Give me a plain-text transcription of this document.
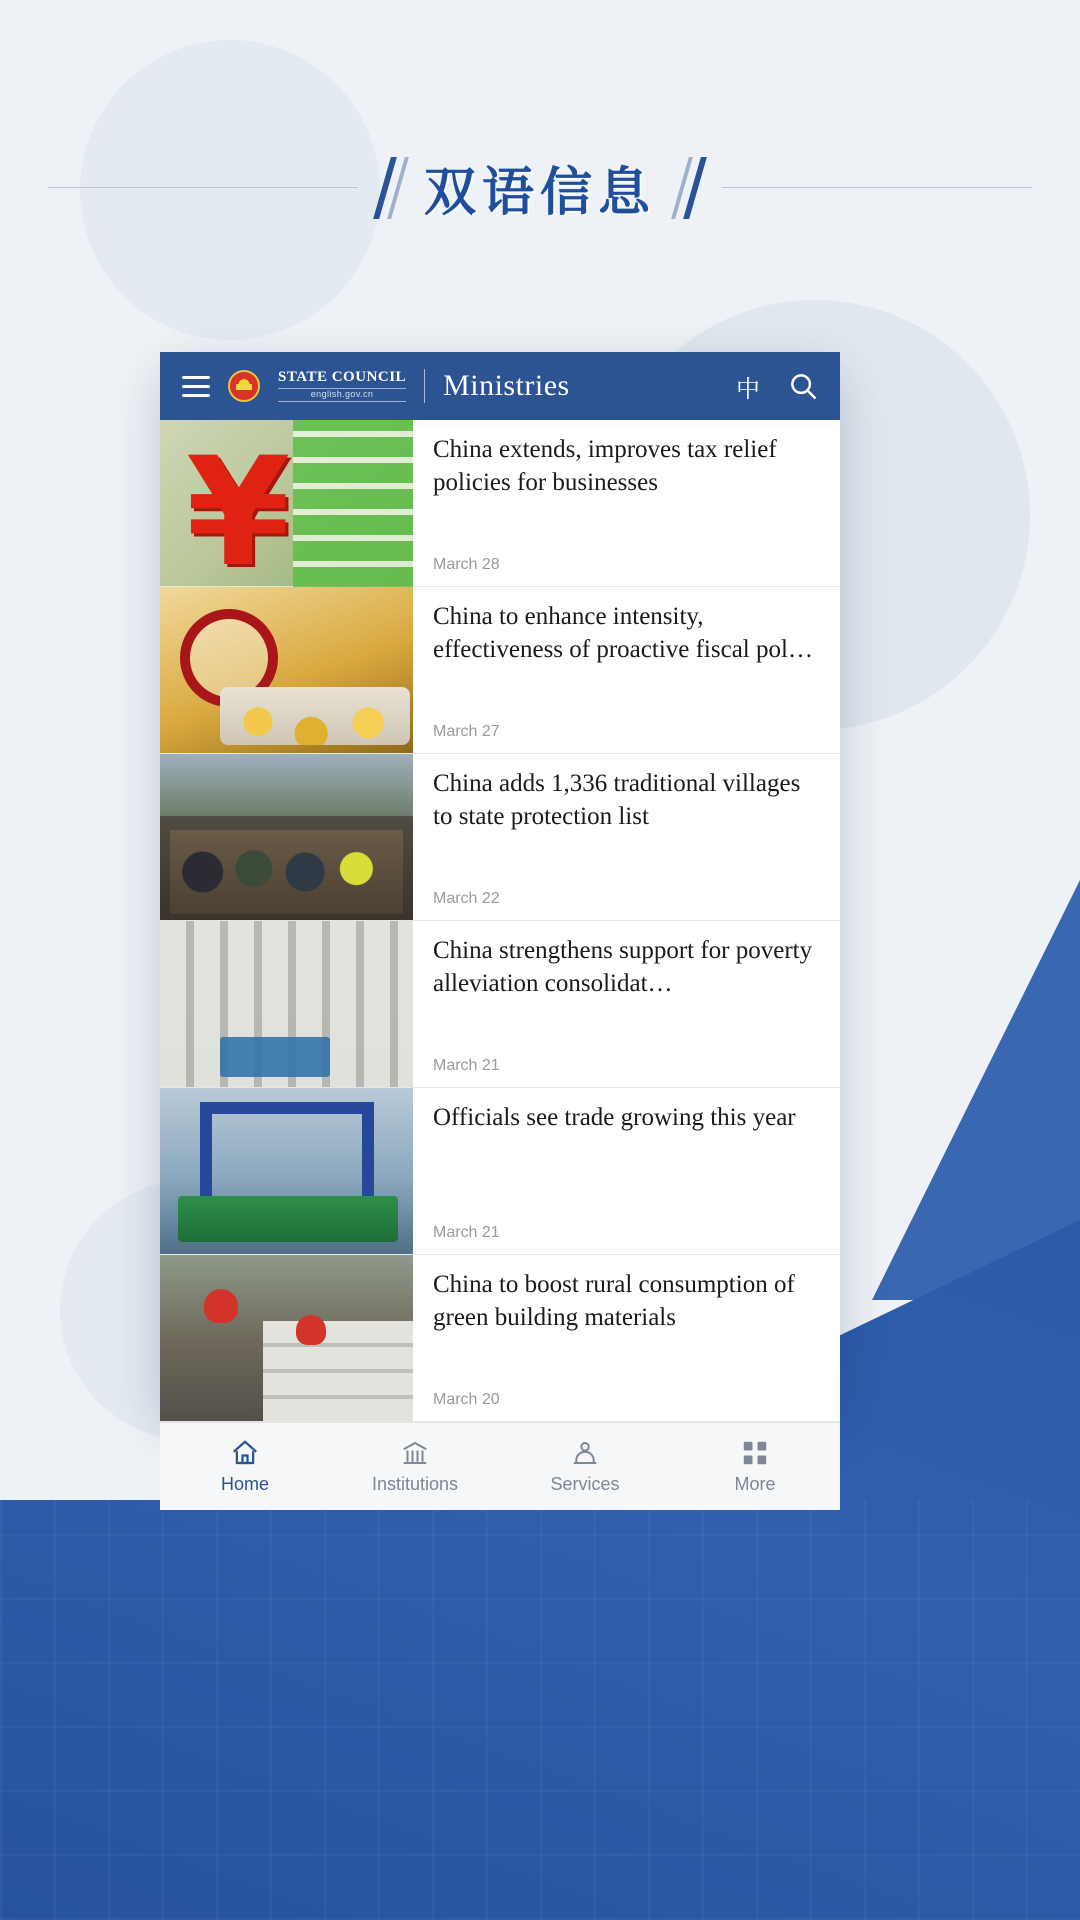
双语信息
STATE COUNCIL
english.gov.cn	Ministries	中
¥
China extends, improves tax relief policies for businesses
March 28
China to enhance intensity, effectiveness of proactive fiscal pol…
March 27
China adds 1,336 traditional villages to state protection list
March 22
China strengthens support for poverty alleviation consolidat…
March 21
Officials see trade growing this year
March 21
China to boost rural consumption of green building materials
March 20
Home	Institutions	Services	More
